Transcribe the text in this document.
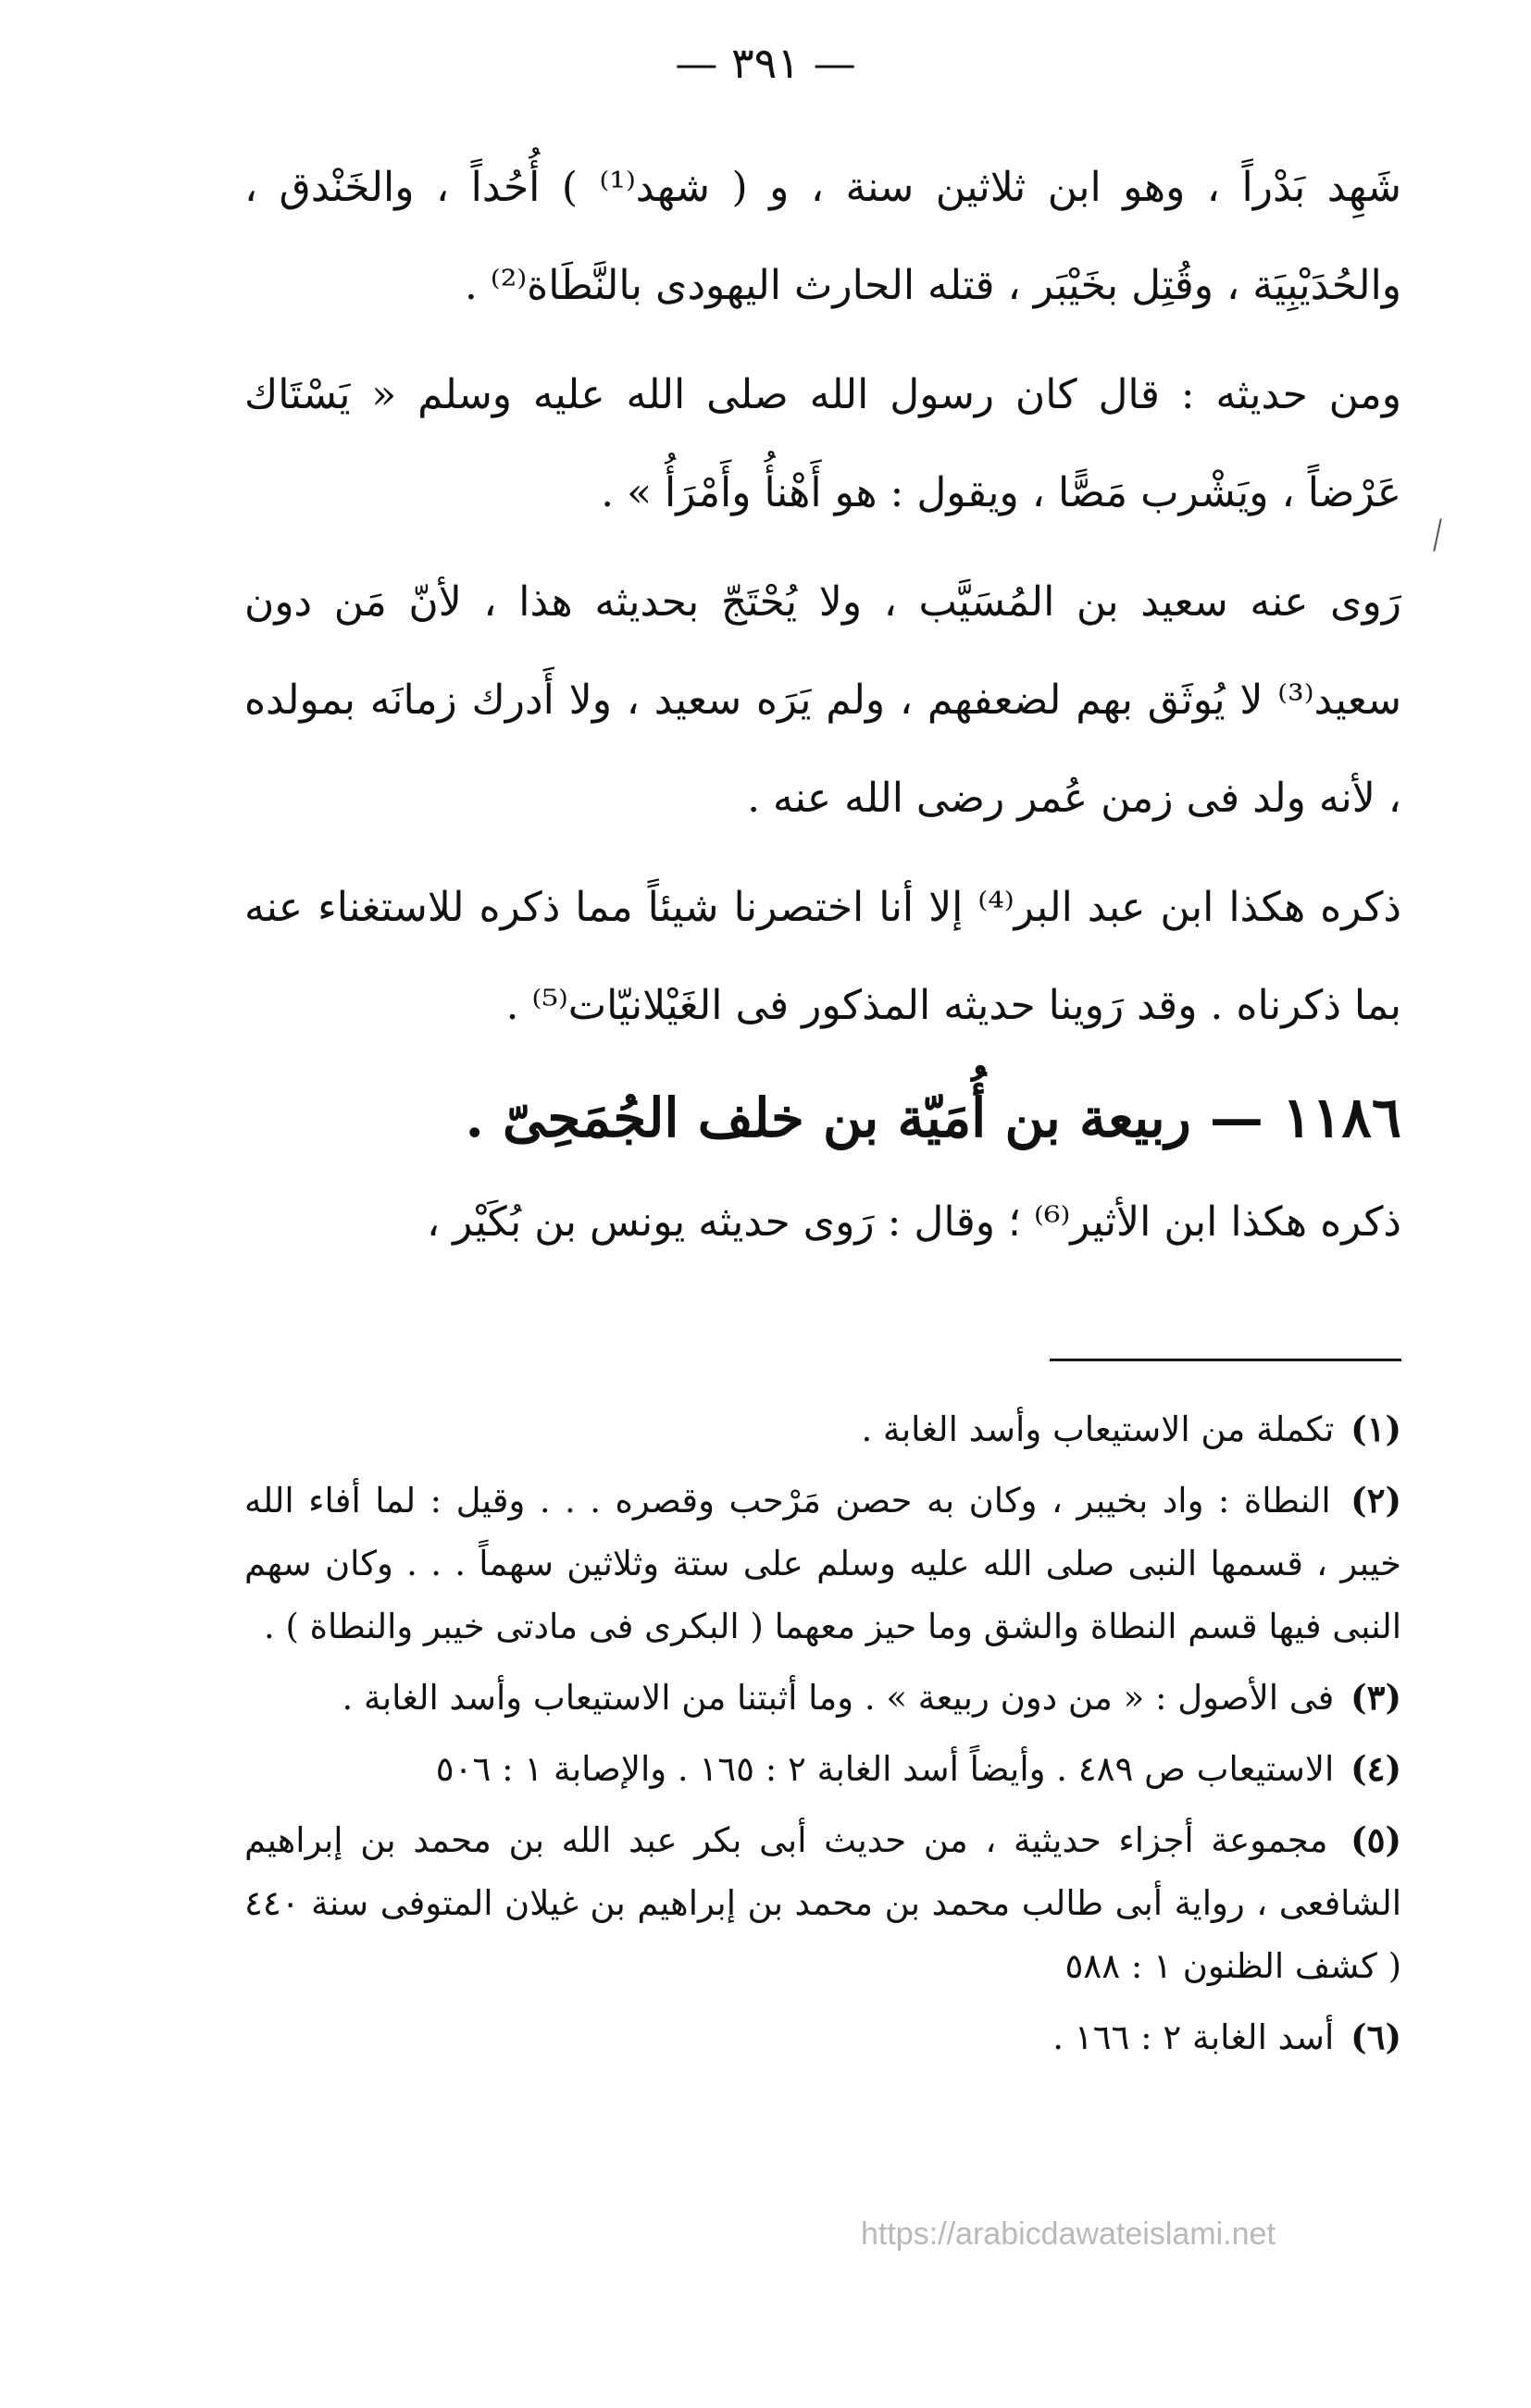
— ٣٩١ —

شَهِد بَدْراً ، وهو ابن ثلاثين سنة ، و ( شهد⁽¹⁾ ) أُحُداً ، والخَنْدق ، والحُدَيْبِيَة ، وقُتِل بخَيْبَر ، قتله الحارث اليهودى بالنَّطَاة⁽²⁾ .

ومن حديثه : قال كان رسول الله صلى الله عليه وسلم « يَسْتَاك عَرْضاً ، ويَشْرب مَصًّا ، ويقول : هو أَهْنأُ وأَمْرَأُ » .

رَوى عنه سعيد بن المُسَيَّب ، ولا يُحْتَجّ بحديثه هذا ، لأنّ مَن دون سعيد⁽³⁾ لا يُوثَق بهم لضعفهم ، ولم يَرَه سعيد ، ولا أَدرك زمانَه بمولده ، لأنه ولد فى زمن عُمر رضى الله عنه .

ذكره هكذا ابن عبد البر⁽⁴⁾ إلا أنا اختصرنا شيئاً مما ذكره للاستغناء عنه بما ذكرناه . وقد رَوينا حديثه المذكور فى الغَيْلانيّات⁽⁵⁾ .

١١٨٦ — ربيعة بن أُمَيّة بن خلف الجُمَحِىّ .

ذكره هكذا ابن الأثير⁽⁶⁾ ؛ وقال : رَوى حديثه يونس بن بُكَيْر ،

(١) تكملة من الاستيعاب وأسد الغابة .

(٢) النطاة : واد بخيبر ، وكان به حصن مَرْحب وقصره . . . وقيل : لما أفاء الله خيبر ، قسمها النبى صلى الله عليه وسلم على ستة وثلاثين سهماً . . . وكان سهم النبى فيها قسم النطاة والشق وما حيز معهما ( البكرى فى مادتى خيبر والنطاة ) .

(٣) فى الأصول : « من دون ربيعة » . وما أثبتنا من الاستيعاب وأسد الغابة .

(٤) الاستيعاب ص ٤٨٩ . وأيضاً أسد الغابة ٢ : ١٦٥ . والإصابة ١ : ٥٠٦

(٥) مجموعة أجزاء حديثية ، من حديث أبى بكر عبد الله بن محمد بن إبراهيم الشافعى ، رواية أبى طالب محمد بن محمد بن إبراهيم بن غيلان المتوفى سنة ٤٤٠ ( كشف الظنون ١ : ٥٨٨

(٦) أسد الغابة ٢ : ١٦٦ .

https://arabicdawateislami.net
